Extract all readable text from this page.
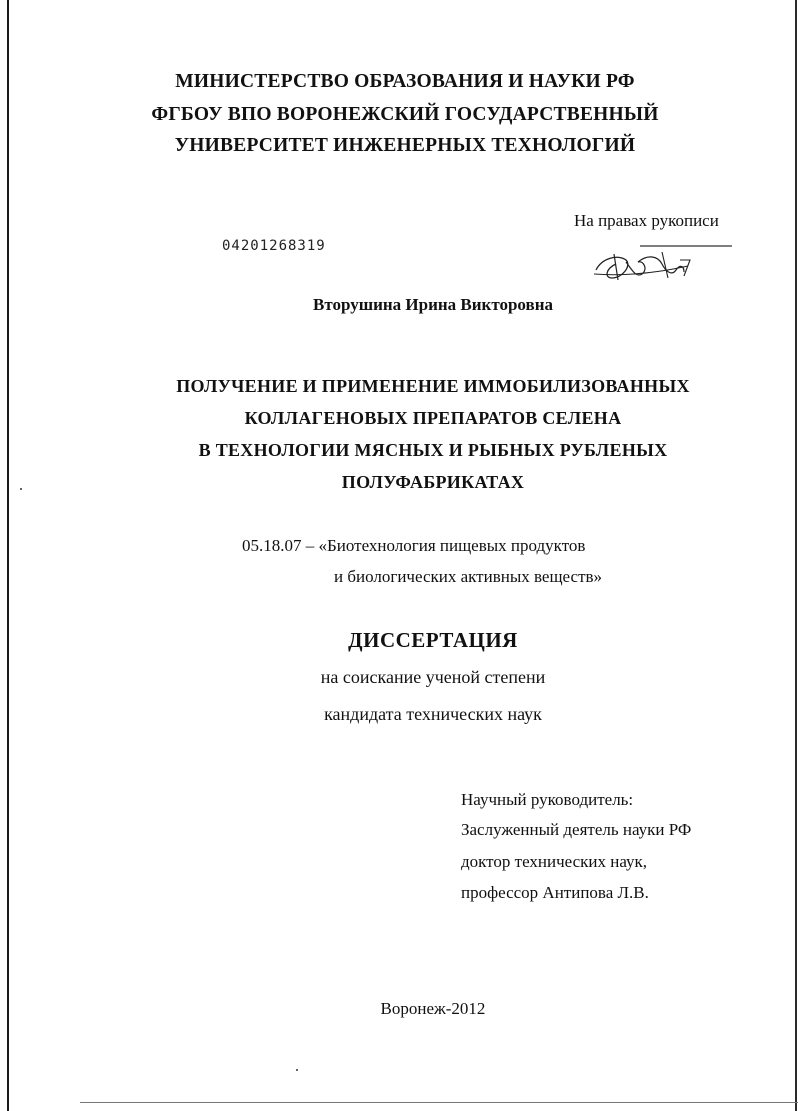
МИНИСТЕРСТВО ОБРАЗОВАНИЯ И НАУКИ РФ
ФГБОУ ВПО ВОРОНЕЖСКИЙ ГОСУДАРСТВЕННЫЙ
УНИВЕРСИТЕТ ИНЖЕНЕРНЫХ ТЕХНОЛОГИЙ
На правах рукописи
04201268319
Вторушина Ирина Викторовна
ПОЛУЧЕНИЕ И ПРИМЕНЕНИЕ ИММОБИЛИЗОВАННЫХ
КОЛЛАГЕНОВЫХ ПРЕПАРАТОВ СЕЛЕНА
В ТЕХНОЛОГИИ МЯСНЫХ И РЫБНЫХ РУБЛЕНЫХ
ПОЛУФАБРИКАТАХ
05.18.07 – «Биотехнология пищевых продуктов
и биологических активных веществ»
ДИССЕРТАЦИЯ
на соискание ученой степени
кандидата технических наук
Научный руководитель:
Заслуженный деятель науки РФ
доктор технических наук,
профессор Антипова Л.В.
Воронеж-2012
